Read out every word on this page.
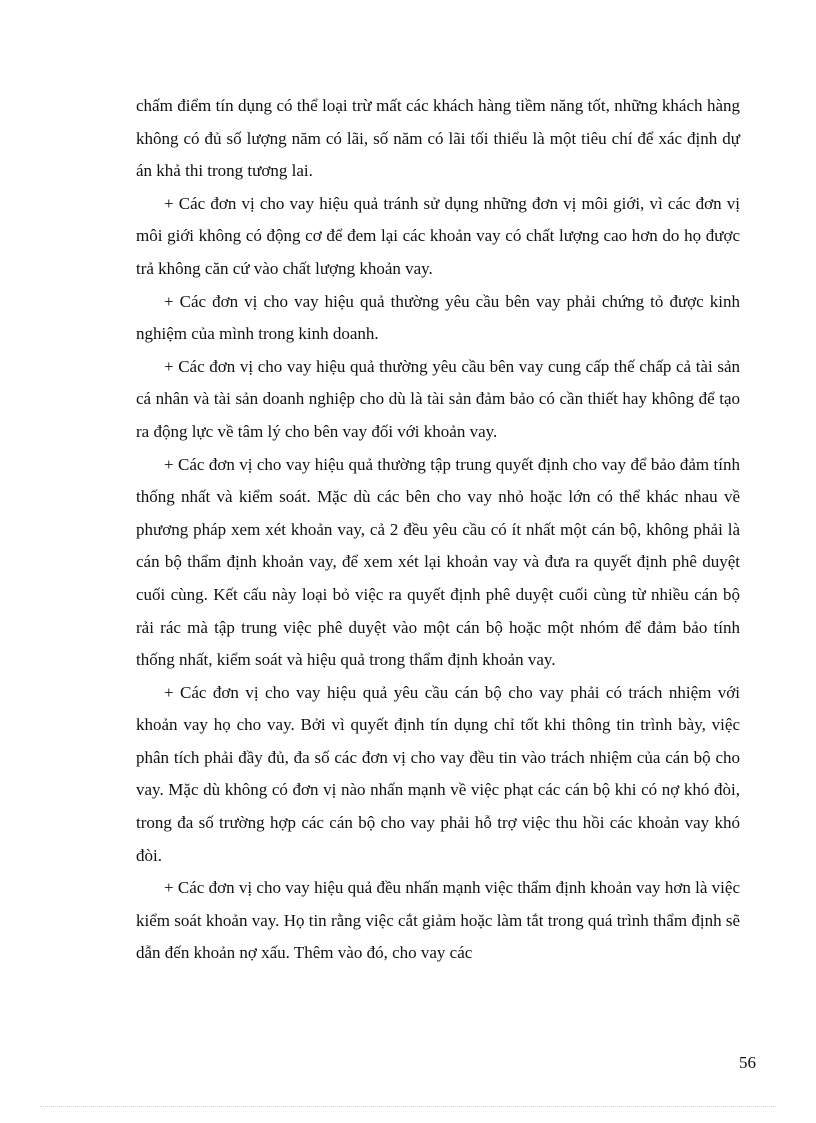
chấm điểm tín dụng có thể loại trừ mất các khách hàng tiềm năng tốt, những khách hàng không có đủ số lượng năm có lãi, số năm có lãi tối thiểu là một tiêu chí để xác định dự án khả thi trong tương lai.

+ Các đơn vị cho vay hiệu quả tránh sử dụng những đơn vị môi giới, vì các đơn vị môi giới không có động cơ để đem lại các khoản vay có chất lượng cao hơn do họ được trả không căn cứ vào chất lượng khoản vay.

+ Các đơn vị cho vay hiệu quả thường yêu cầu bên vay phải chứng tỏ được kinh nghiệm của mình trong kinh doanh.

+ Các đơn vị cho vay hiệu quả thường yêu cầu bên vay cung cấp thế chấp cả tài sản cá nhân và tài sản doanh nghiệp cho dù là tài sản đảm bảo có cần thiết hay không để tạo ra động lực về tâm lý cho bên vay đối với khoản vay.

+ Các đơn vị cho vay hiệu quả thường tập trung quyết định cho vay để bảo đảm tính thống nhất và kiểm soát. Mặc dù các bên cho vay nhỏ hoặc lớn có thể khác nhau về phương pháp xem xét khoản vay, cả 2 đều yêu cầu có ít nhất một cán bộ, không phải là cán bộ thẩm định khoản vay, để xem xét lại khoản vay và đưa ra quyết định phê duyệt cuối cùng. Kết cấu này loại bỏ việc ra quyết định phê duyệt cuối cùng từ nhiều cán bộ rải rác mà tập trung việc phê duyệt vào một cán bộ hoặc một nhóm để đảm bảo tính thống nhất, kiểm soát và hiệu quả trong thẩm định khoản vay.

+ Các đơn vị cho vay hiệu quả yêu cầu cán bộ cho vay phải có trách nhiệm với khoản vay họ cho vay. Bởi vì quyết định tín dụng chỉ tốt khi thông tin trình bày, việc phân tích phải đầy đủ, đa số các đơn vị cho vay đều tin vào trách nhiệm của cán bộ cho vay. Mặc dù không có đơn vị nào nhấn mạnh về việc phạt các cán bộ khi có nợ khó đòi, trong đa số trường hợp các cán bộ cho vay phải hỗ trợ việc thu hồi các khoản vay khó đòi.

+ Các đơn vị cho vay hiệu quả đều nhấn mạnh việc thẩm định khoản vay hơn là việc kiểm soát khoản vay. Họ tin rằng việc cắt giảm hoặc làm tắt trong quá trình thẩm định sẽ dẫn đến khoản nợ xấu. Thêm vào đó, cho vay các

56
